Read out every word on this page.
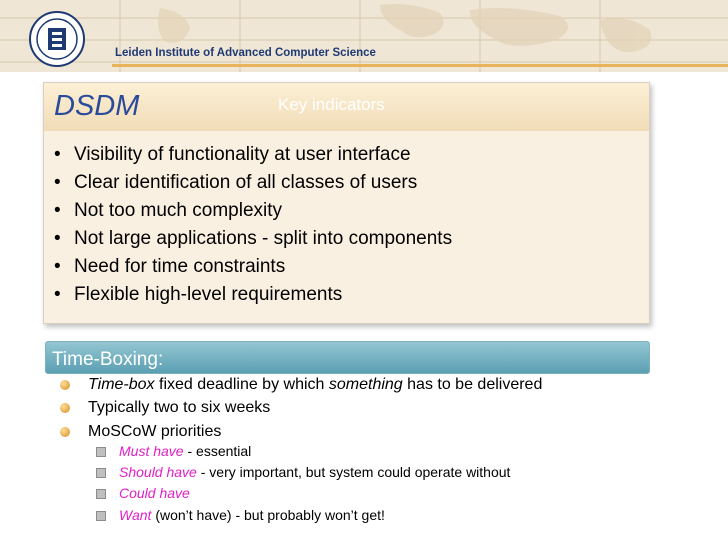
Leiden Institute of Advanced Computer Science
DSDM	Key indicators
• Visibility of functionality at user interface
• Clear identification of all classes of users
• Not too much complexity
• Not large applications - split into components
• Need for time constraints
• Flexible high-level requirements
Time-Boxing:
Time-box fixed deadline by which something has to be delivered
Typically two to six weeks
MoSCoW priorities
Must have - essential
Should have - very important, but system could operate without
Could have
Want (won’t have) - but probably won’t get!
